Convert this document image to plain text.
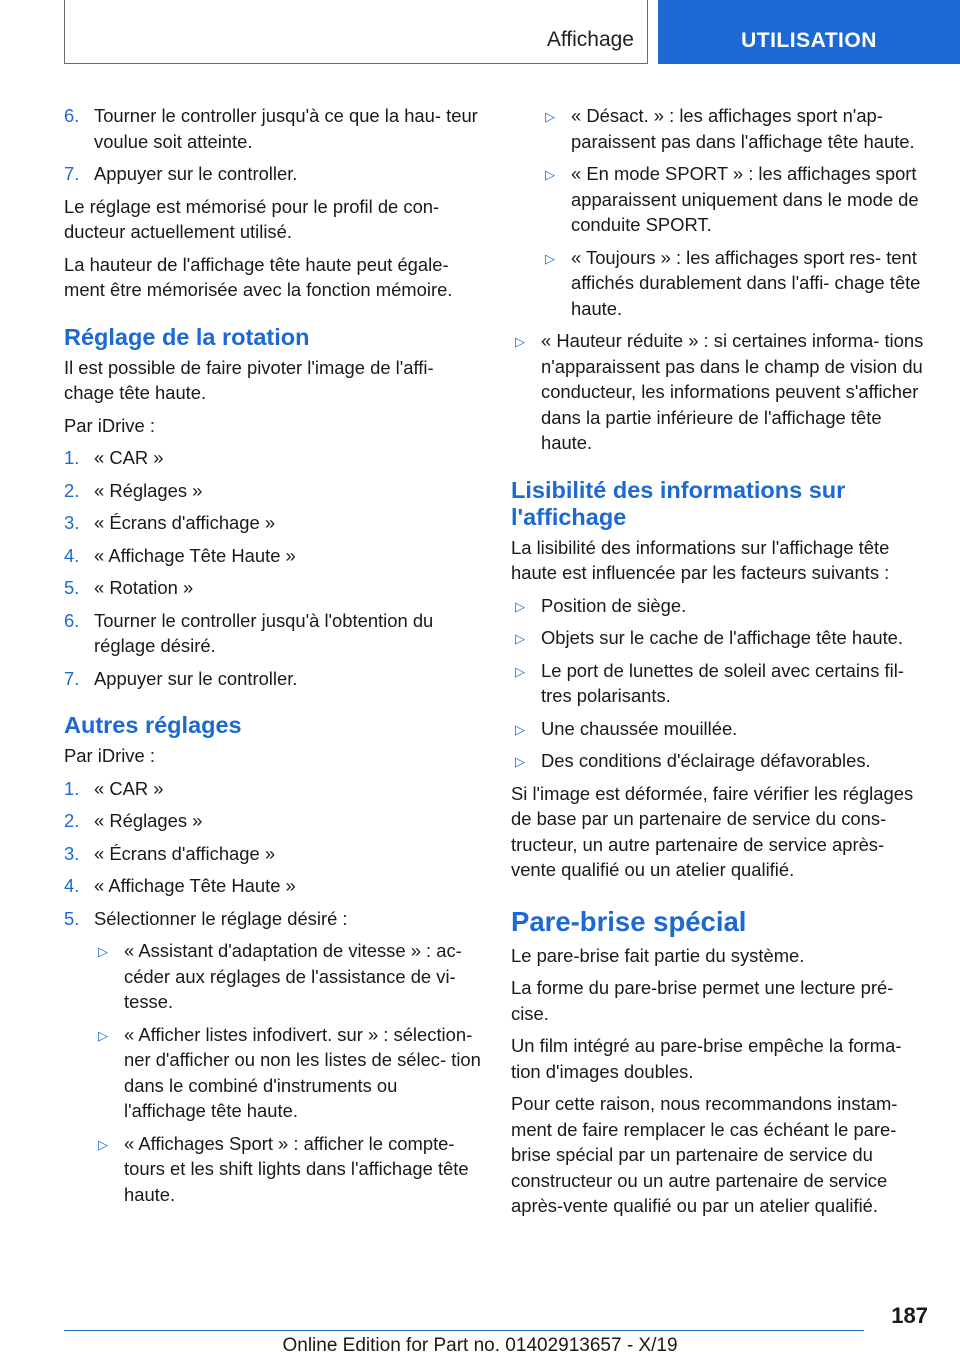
Affichage	UTILISATION
6. Tourner le controller jusqu'à ce que la hau- teur voulue soit atteinte.
7. Appuyer sur le controller.

Le réglage est mémorisé pour le profil de con- ducteur actuellement utilisé.

La hauteur de l'affichage tête haute peut égale- ment être mémorisée avec la fonction mémoire.

Réglage de la rotation

Il est possible de faire pivoter l'image de l'affi- chage tête haute.

Par iDrive :

1. « CAR »
2. « Réglages »
3. « Écrans d'affichage »
4. « Affichage Tête Haute »
5. « Rotation »
6. Tourner le controller jusqu'à l'obtention du réglage désiré.
7. Appuyer sur le controller.
Autres réglages

Par iDrive :

1. « CAR »
2. « Réglages »
3. « Écrans d'affichage »
4. « Affichage Tête Haute »
5. Sélectionner le réglage désiré :
▷ « Assistant d'adaptation de vitesse » : ac- céder aux réglages de l'assistance de vi- tesse.
▷ « Afficher listes infodivert. sur » : sélection- ner d'afficher ou non les listes de sélec- tion dans le combiné d'instruments ou l'affichage tête haute.
▷ « Affichages Sport » : afficher le compte- tours et les shift lights dans l'affichage tête haute.
▷ « Désact. » : les affichages sport n'ap- paraissent pas dans l'affichage tête haute.
▷ « En mode SPORT » : les affichages sport apparaissent uniquement dans le mode de conduite SPORT.
▷ « Toujours » : les affichages sport res- tent affichés durablement dans l'affi- chage tête haute.
▷ « Hauteur réduite » : si certaines informa- tions n'apparaissent pas dans le champ de vision du conducteur, les informations peuvent s'afficher dans la partie inférieure de l'affichage tête haute.
Lisibilité des informations sur l'affichage

La lisibilité des informations sur l'affichage tête haute est influencée par les facteurs suivants :

▷ Position de siège.
▷ Objets sur le cache de l'affichage tête haute.
▷ Le port de lunettes de soleil avec certains fil- tres polarisants.
▷ Une chaussée mouillée.
▷ Des conditions d'éclairage défavorables.

Si l'image est déformée, faire vérifier les réglages de base par un partenaire de service du cons- tructeur, un autre partenaire de service après- vente qualifié ou un atelier qualifié.

Pare-brise spécial

Le pare-brise fait partie du système.

La forme du pare-brise permet une lecture pré- cise.

Un film intégré au pare-brise empêche la forma- tion d'images doubles.

Pour cette raison, nous recommandons instam- ment de faire remplacer le cas échéant le pare- brise spécial par un partenaire de service du constructeur ou un autre partenaire de service après-vente qualifié ou par un atelier qualifié.

187
Online Edition for Part no. 01402913657 - X/19
